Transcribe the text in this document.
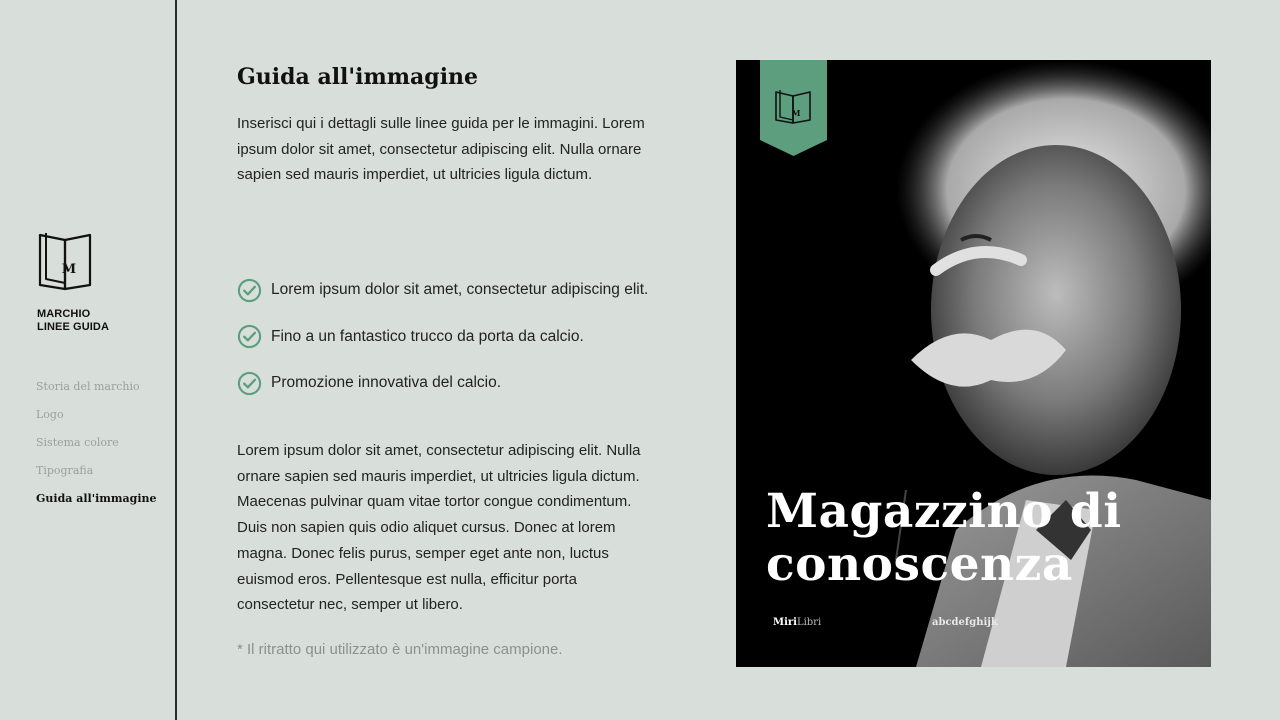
M
MARCHIO
LINEE GUIDA
Storia del marchio
Logo
Sistema colore
Tipografia
Guida all'immagine
Guida all'immagine

Inserisci qui i dettagli sulle linee guida per le immagini. Lorem ipsum dolor sit amet, consectetur adipiscing elit. Nulla ornare sapien sed mauris imperdiet, ut ultricies ligula dictum.

Lorem ipsum dolor sit amet, consectetur adipiscing elit.
Fino a un fantastico trucco da porta da calcio.
Promozione innovativa del calcio.

Lorem ipsum dolor sit amet, consectetur adipiscing elit. Nulla ornare sapien sed mauris imperdiet, ut ultricies ligula dictum. Maecenas pulvinar quam vitae tortor congue condimentum. Duis non sapien quis odio aliquet cursus. Donec at lorem magna. Donec felis purus, semper eget ante non, luctus euismod eros. Pellentesque est nulla, efficitur porta consectetur nec, semper ut libero.

* Il ritratto qui utilizzato è un'immagine campione.

M
Magazzino di
conoscenza
MiriLibri	abcdefghijk
